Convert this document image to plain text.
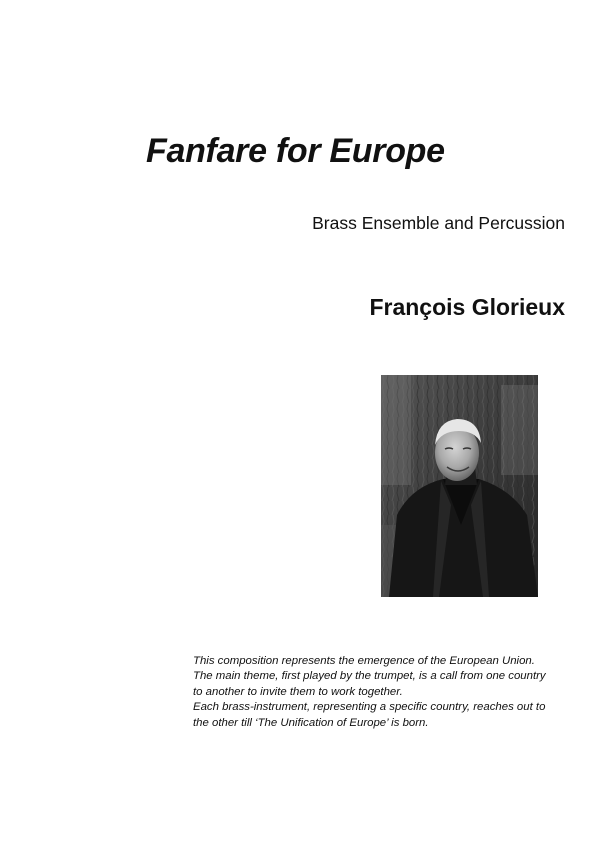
Fanfare for Europe
Brass Ensemble and Percussion
François Glorieux

This composition represents the emergence of the European Union.

The main theme, first played by the trumpet, is a call from one country

to another to invite them to work together.

Each brass-instrument, representing a specific country, reaches out to

the other till ‘The Unification of Europe’ is born.
